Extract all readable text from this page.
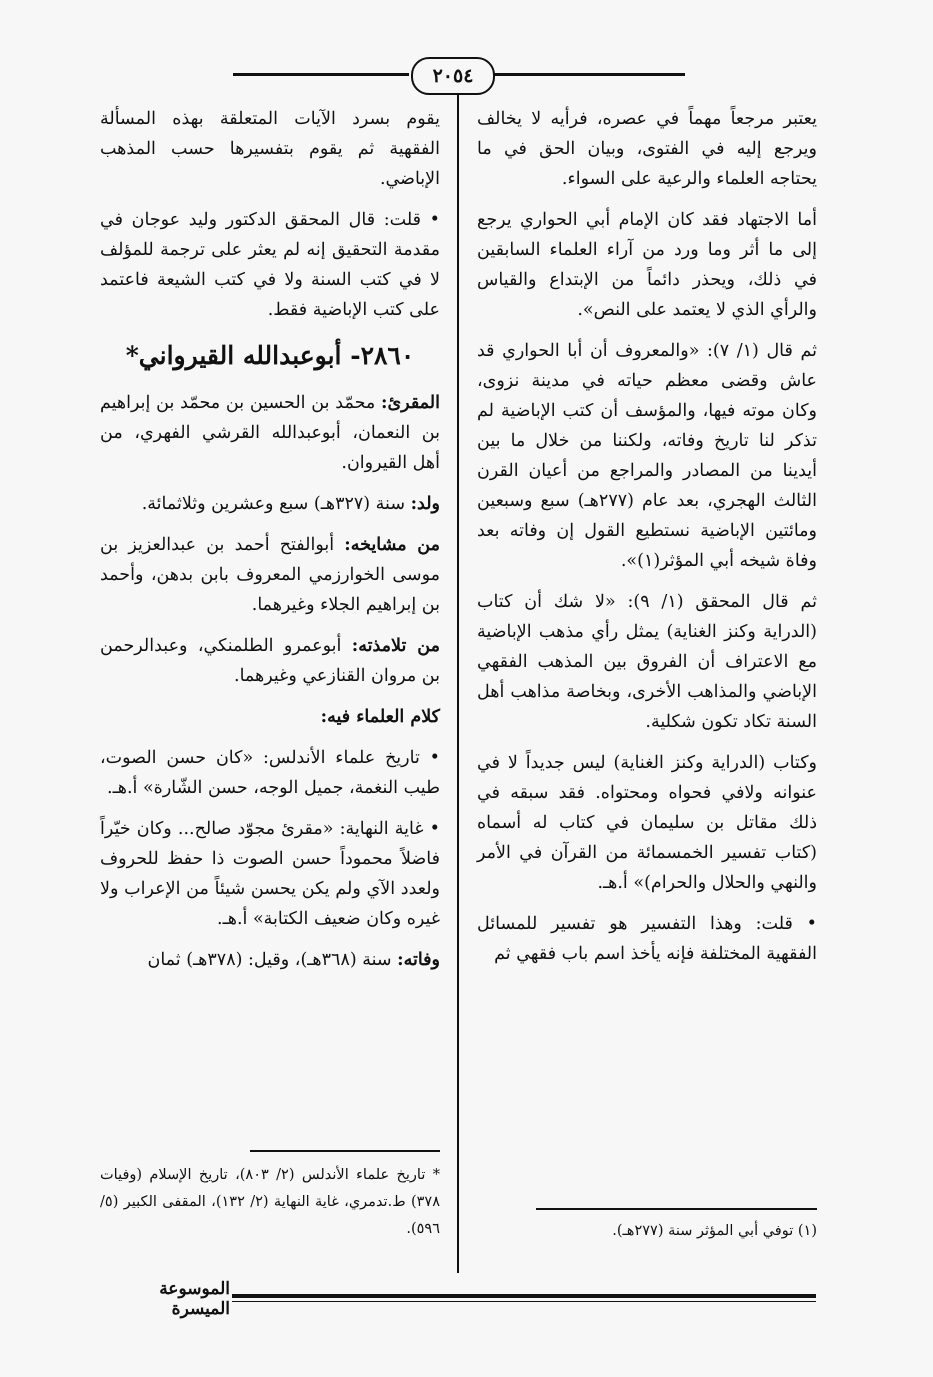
٢٠٥٤

يعتبر مرجعاً مهماً في عصره، فرأيه لا يخالف ويرجع إليه في الفتوى، وبيان الحق في ما يحتاجه العلماء والرعية على السواء.

أما الاجتهاد فقد كان الإمام أبي الحواري يرجع إلى ما أثر وما ورد من آراء العلماء السابقين في ذلك، ويحذر دائماً من الإبتداع والقياس والرأي الذي لا يعتمد على النص».

ثم قال (١/ ٧): «والمعروف أن أبا الحواري قد عاش وقضى معظم حياته في مدينة نزوى، وكان موته فيها، والمؤسف أن كتب الإباضية لم تذكر لنا تاريخ وفاته، ولكننا من خلال ما بين أيدينا من المصادر والمراجع من أعيان القرن الثالث الهجري، بعد عام (٢٧٧هـ) سبع وسبعين ومائتين الإباضية نستطيع القول إن وفاته بعد وفاة شيخه أبي المؤثر(١)».

ثم قال المحقق (١/ ٩): «لا شك أن كتاب (الدراية وكنز الغناية) يمثل رأي مذهب الإباضية مع الاعتراف أن الفروق بين المذهب الفقهي الإباضي والمذاهب الأخرى، وبخاصة مذاهب أهل السنة تكاد تكون شكلية.

وكتاب (الدراية وكنز الغناية) ليس جديداً لا في عنوانه ولافي فحواه ومحتواه. فقد سبقه في ذلك مقاتل بن سليمان في كتاب له أسماه (كتاب تفسير الخمسمائة من القرآن في الأمر والنهي والحلال والحرام)» أ.هـ.

• قلت: وهذا التفسير هو تفسير للمسائل الفقهية المختلفة فإنه يأخذ اسم باب فقهي ثم

يقوم بسرد الآيات المتعلقة بهذه المسألة الفقهية ثم يقوم بتفسيرها حسب المذهب الإباضي.

• قلت: قال المحقق الدكتور وليد عوجان في مقدمة التحقيق إنه لم يعثر على ترجمة للمؤلف لا في كتب السنة ولا في كتب الشيعة فاعتمد على كتب الإباضية فقط.

٢٨٦٠- أبوعبدالله القيرواني*

المقرئ: محمّد بن الحسين بن محمّد بن إبراهيم بن النعمان، أبوعبدالله القرشي الفهري، من أهل القيروان.

ولد: سنة (٣٢٧هـ) سبع وعشرين وثلاثمائة.

من مشايخه: أبوالفتح أحمد بن عبدالعزيز بن موسى الخوارزمي المعروف بابن بدهن، وأحمد بن إبراهيم الجلاء وغيرهما.

من تلامذته: أبوعمرو الطلمنكي، وعبدالرحمن بن مروان القنازعي وغيرهما.

كلام العلماء فيه:

• تاريخ علماء الأندلس: «كان حسن الصوت، طيب النغمة، جميل الوجه، حسن الشّارة» أ.هـ.

• غاية النهاية: «مقرئ مجوّد صالح... وكان خيّراً فاضلاً محموداً حسن الصوت ذا حفظ للحروف ولعدد الآي ولم يكن يحسن شيئاً من الإعراب ولا غيره وكان ضعيف الكتابة» أ.هـ.

وفاته: سنة (٣٦٨هـ)، وقيل: (٣٧٨هـ) ثمان

* تاريخ علماء الأندلس (٢/ ٨٠٣)، تاريخ الإسلام (وفيات ٣٧٨) ط.تدمري، غاية النهاية (٢/ ١٣٢)، المقفى الكبير (٥/ ٥٩٦).	(١) توفي أبي المؤثر سنة (٢٧٧هـ).
الموسوعة الميسرة
